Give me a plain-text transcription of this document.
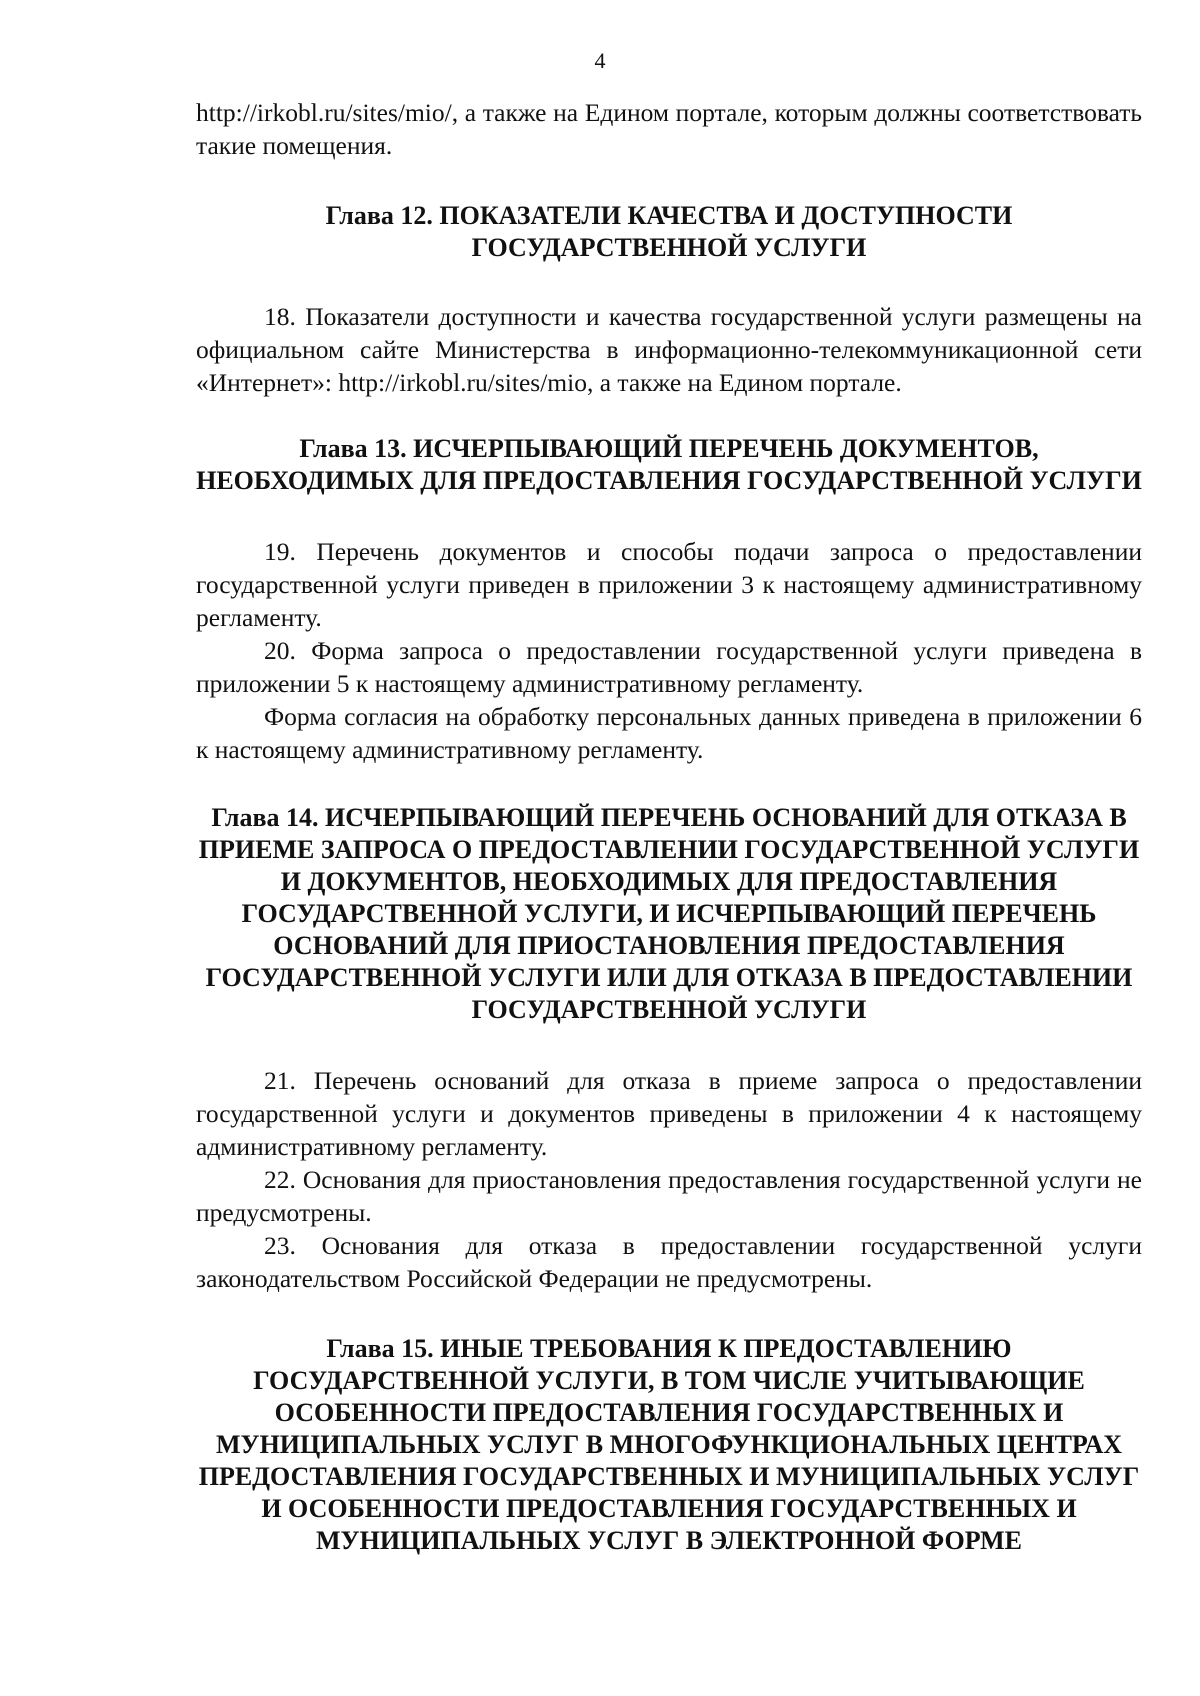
4

http://irkobl.ru/sites/mio/, а также на Едином портале, которым должны соответствовать такие помещения.

Глава 12. ПОКАЗАТЕЛИ КАЧЕСТВА И ДОСТУПНОСТИ ГОСУДАРСТВЕННОЙ УСЛУГИ

18. Показатели доступности и качества государственной услуги размещены на официальном сайте Министерства в информационно-телекоммуникационной сети «Интернет»: http://irkobl.ru/sites/mio, а также на Едином портале.

Глава 13. ИСЧЕРПЫВАЮЩИЙ ПЕРЕЧЕНЬ ДОКУМЕНТОВ, НЕОБХОДИМЫХ ДЛЯ ПРЕДОСТАВЛЕНИЯ ГОСУДАРСТВЕННОЙ УСЛУГИ

19. Перечень документов и способы подачи запроса о предоставлении государственной услуги приведен в приложении 3 к настоящему административному регламенту.

20. Форма запроса о предоставлении государственной услуги приведена в приложении 5 к настоящему административному регламенту.

Форма согласия на обработку персональных данных приведена в приложении 6 к настоящему административному регламенту.

Глава 14. ИСЧЕРПЫВАЮЩИЙ ПЕРЕЧЕНЬ ОСНОВАНИЙ ДЛЯ ОТКАЗА В ПРИЕМЕ ЗАПРОСА О ПРЕДОСТАВЛЕНИИ ГОСУДАРСТВЕННОЙ УСЛУГИ И ДОКУМЕНТОВ, НЕОБХОДИМЫХ ДЛЯ ПРЕДОСТАВЛЕНИЯ ГОСУДАРСТВЕННОЙ УСЛУГИ, И ИСЧЕРПЫВАЮЩИЙ ПЕРЕЧЕНЬ ОСНОВАНИЙ ДЛЯ ПРИОСТАНОВЛЕНИЯ ПРЕДОСТАВЛЕНИЯ ГОСУДАРСТВЕННОЙ УСЛУГИ ИЛИ ДЛЯ ОТКАЗА В ПРЕДОСТАВЛЕНИИ ГОСУДАРСТВЕННОЙ УСЛУГИ

21. Перечень оснований для отказа в приеме запроса о предоставлении государственной услуги и документов приведены в приложении 4 к настоящему административному регламенту.

22. Основания для приостановления предоставления государственной услуги не предусмотрены.

23. Основания для отказа в предоставлении государственной услуги законодательством Российской Федерации не предусмотрены.

Глава 15. ИНЫЕ ТРЕБОВАНИЯ К ПРЕДОСТАВЛЕНИЮ ГОСУДАРСТВЕННОЙ УСЛУГИ, В ТОМ ЧИСЛЕ УЧИТЫВАЮЩИЕ ОСОБЕННОСТИ ПРЕДОСТАВЛЕНИЯ ГОСУДАРСТВЕННЫХ И МУНИЦИПАЛЬНЫХ УСЛУГ В МНОГОФУНКЦИОНАЛЬНЫХ ЦЕНТРАХ ПРЕДОСТАВЛЕНИЯ ГОСУДАРСТВЕННЫХ И МУНИЦИПАЛЬНЫХ УСЛУГ И ОСОБЕННОСТИ ПРЕДОСТАВЛЕНИЯ ГОСУДАРСТВЕННЫХ И МУНИЦИПАЛЬНЫХ УСЛУГ В ЭЛЕКТРОННОЙ ФОРМЕ
